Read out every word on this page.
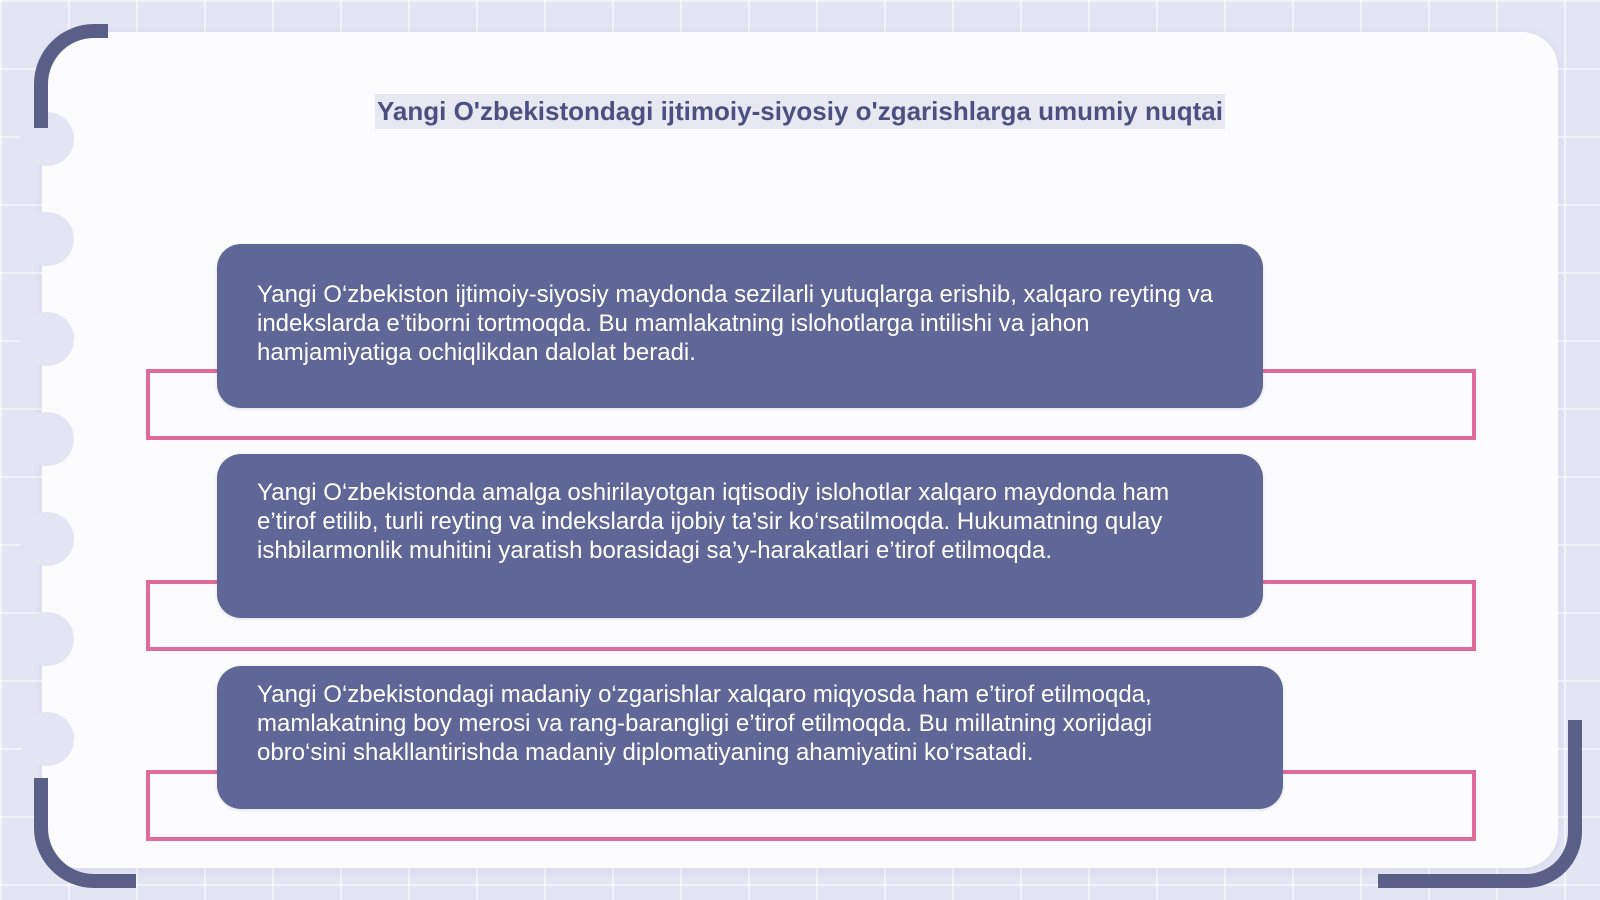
Yangi O'zbekistondagi ijtimoiy-siyosiy o'zgarishlarga umumiy nuqtai

Yangi O‘zbekiston ijtimoiy-siyosiy maydonda sezilarli yutuqlarga erishib, xalqaro reyting va indekslarda e’tiborni tortmoqda. Bu mamlakatning islohotlarga intilishi va jahon hamjamiyatiga ochiqlikdan dalolat beradi.

Yangi O‘zbekistonda amalga oshirilayotgan iqtisodiy islohotlar xalqaro maydonda ham e’tirof etilib, turli reyting va indekslarda ijobiy ta’sir ko‘rsatilmoqda. Hukumatning qulay ishbilarmonlik muhitini yaratish borasidagi sa’y-harakatlari e’tirof etilmoqda.

Yangi O‘zbekistondagi madaniy o‘zgarishlar xalqaro miqyosda ham e’tirof etilmoqda, mamlakatning boy merosi va rang-barangligi e’tirof etilmoqda. Bu millatning xorijdagi obro‘sini shakllantirishda madaniy diplomatiyaning ahamiyatini ko‘rsatadi.
